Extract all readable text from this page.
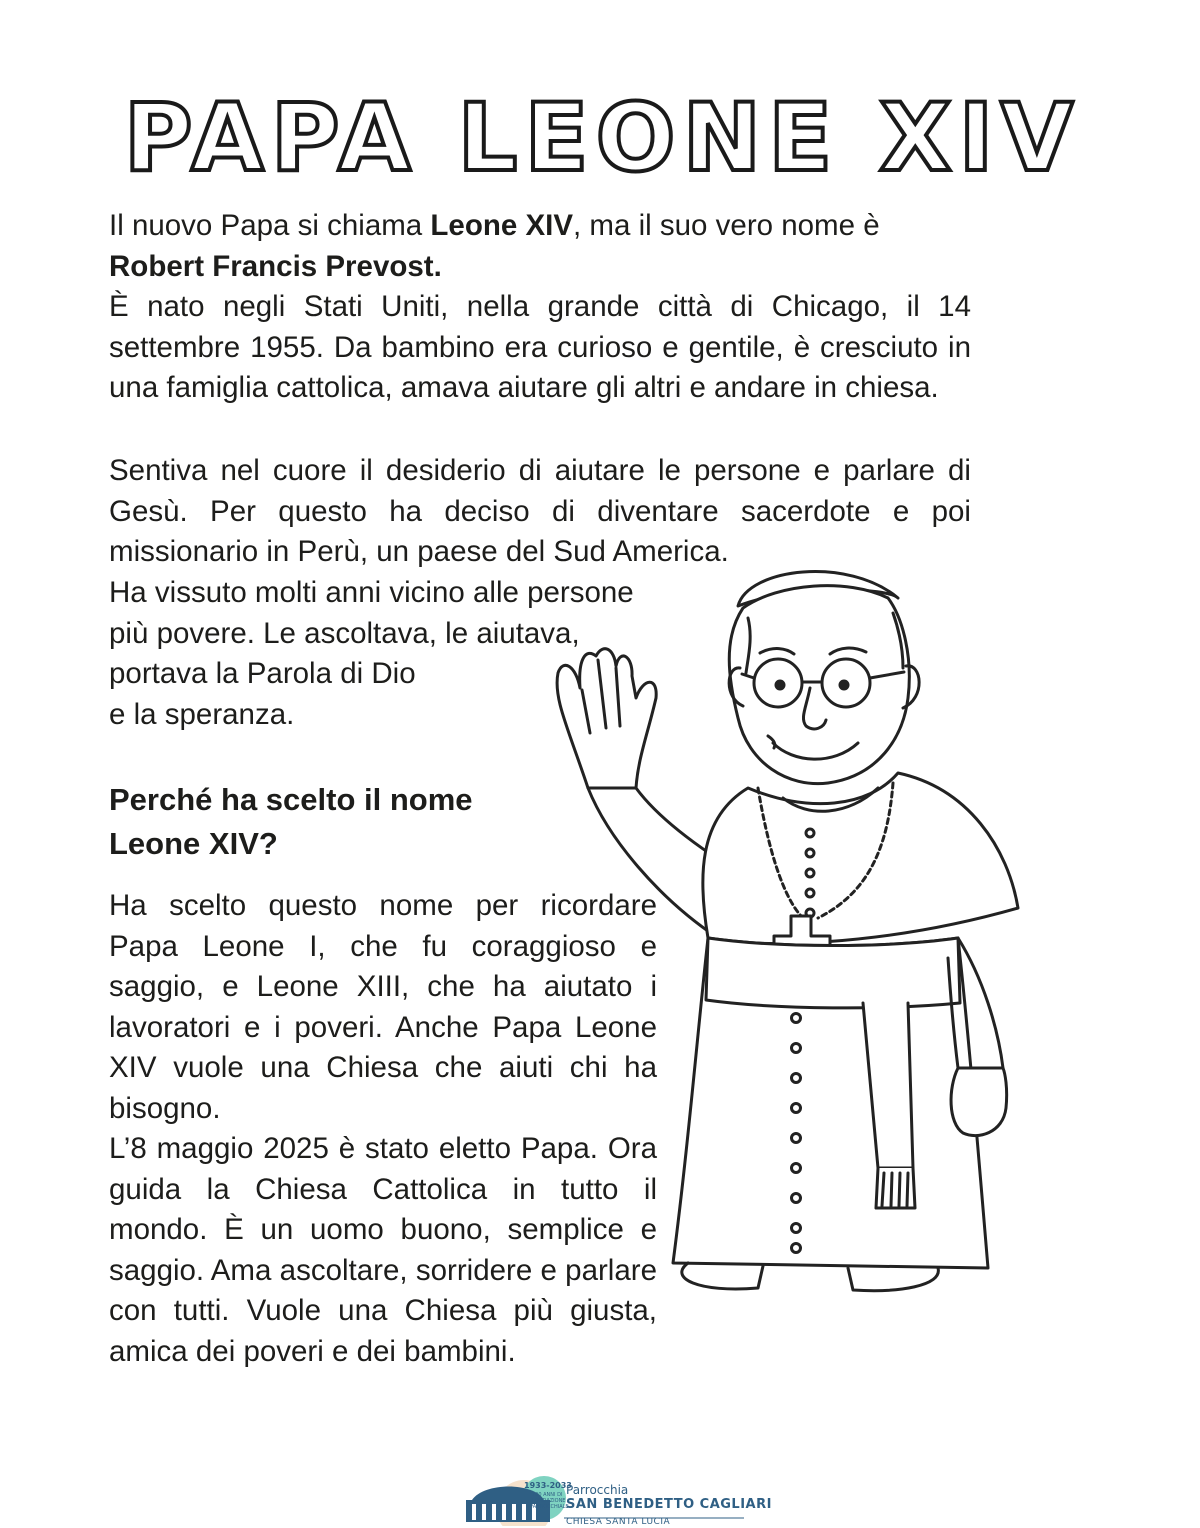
PAPA LEONE XIV
Il nuovo Papa si chiama Leone XIV, ma il suo vero nome è
Robert Francis Prevost.
È nato negli Stati Uniti, nella grande città di Chicago, il 14 settembre 1955. Da bambino era curioso e gentile, è cresciuto in una famiglia cattolica, amava aiutare gli altri e andare in chiesa.

Sentiva nel cuore il desiderio di aiutare le persone e parlare di Gesù. Per questo ha deciso di diventare sacerdote e poi missionario in Perù, un paese del Sud America.

Ha vissuto molti anni vicino alle persone
più povere. Le ascoltava, le aiutava,
portava la Parola di Dio
e la speranza.
Perché ha scelto il nome
Leone XIV?
Ha scelto questo nome per ricordare Papa Leone I, che fu coraggioso e saggio, e Leone XIII, che ha aiutato i lavoratori e i poveri. Anche Papa Leone XIV vuole una Chiesa che aiuti chi ha bisogno.
L’8 maggio 2025 è stato eletto Papa. Ora guida la Chiesa Cattolica in tutto il mondo. È un uomo buono, semplice e saggio. Ama ascoltare, sorridere e parlare con tutti. Vuole una Chiesa più giusta, amica dei poveri e dei bambini.
1933-2033
100 ANNI DI
FONDAZIONE
PARROCCHIALE
Parrocchia
SAN BENEDETTO CAGLIARI
CHIESA SANTA LUCIA
